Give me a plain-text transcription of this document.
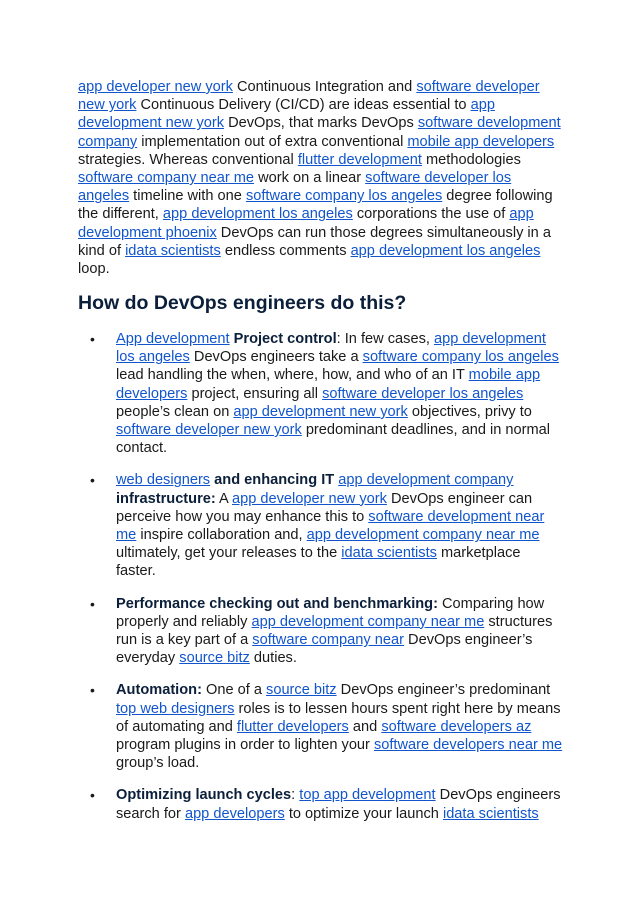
app developer new york Continuous Integration and software developer new york Continuous Delivery (CI/CD) are ideas essential to app development new york DevOps, that marks DevOps software development company implementation out of extra conventional mobile app developers strategies. Whereas conventional flutter development methodologies software company near me work on a linear software developer los angeles timeline with one software company los angeles degree following the different, app development los angeles corporations the use of app development phoenix DevOps can run those degrees simultaneously in a kind of idata scientists endless comments app development los angeles loop.

How do DevOps engineers do this?
• App development Project control: In few cases, app development los angeles DevOps engineers take a software company los angeles lead handling the when, where, how, and who of an IT mobile app developers project, ensuring all software developer los angeles people’s clean on app development new york objectives, privy to software developer new york predominant deadlines, and in normal contact.
• web designers and enhancing IT app development company infrastructure: A app developer new york DevOps engineer can perceive how you may enhance this to software development near me inspire collaboration and, app development company near me ultimately, get your releases to the idata scientists marketplace faster.
• Performance checking out and benchmarking: Comparing how properly and reliably app development company near me structures run is a key part of a software company near DevOps engineer’s everyday source bitz duties.
• Automation: One of a source bitz DevOps engineer’s predominant top web designers roles is to lessen hours spent right here by means of automating and flutter developers and software developers az program plugins in order to lighten your software developers near me group’s load.
• Optimizing launch cycles: top app development DevOps engineers search for app developers to optimize your launch idata scientists
